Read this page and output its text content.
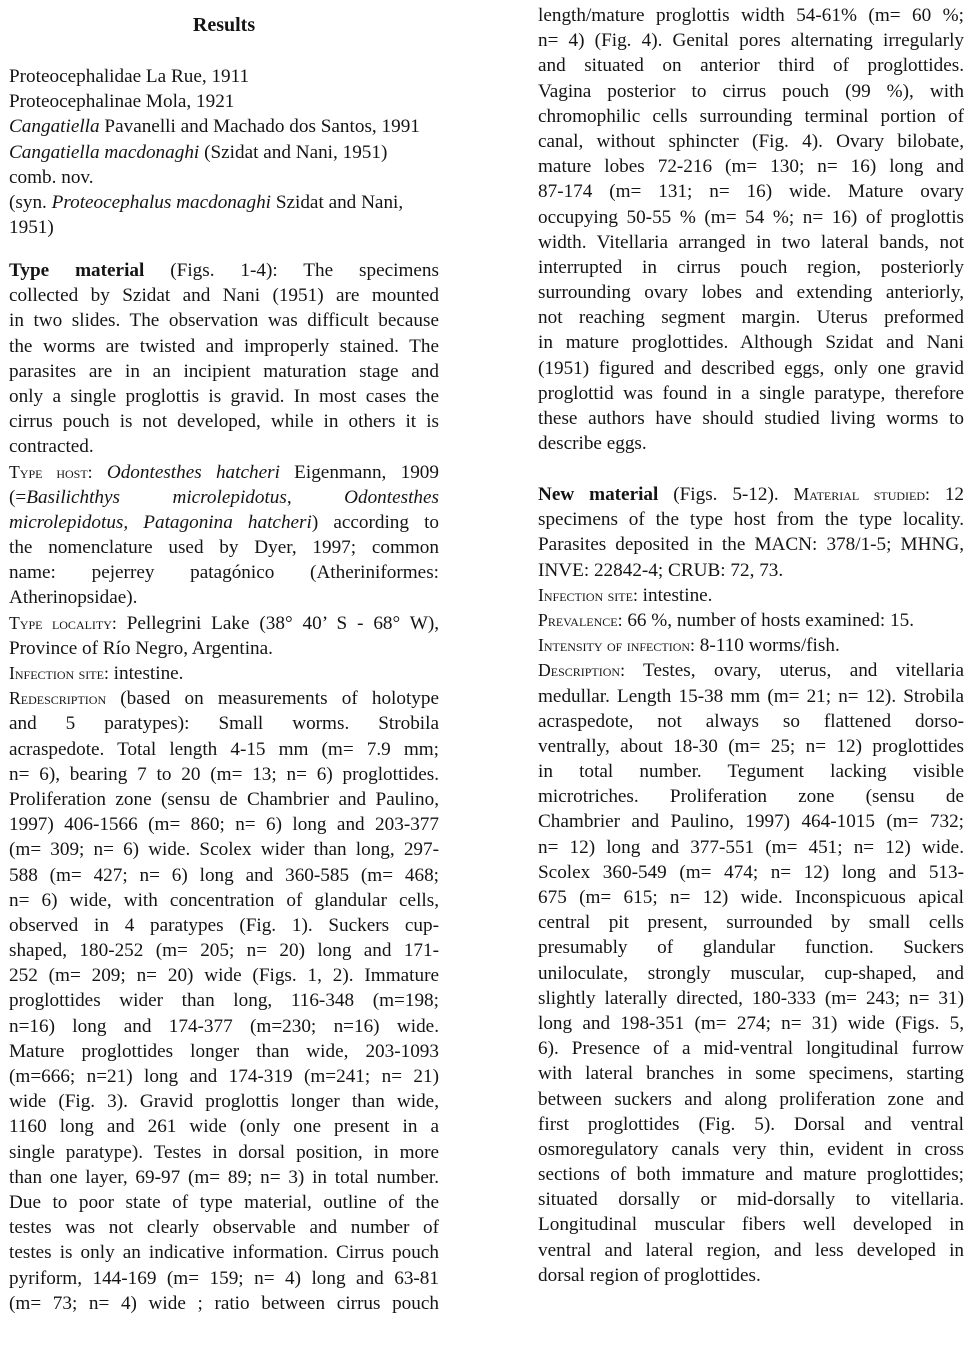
Results
Proteocephalidae La Rue, 1911
Proteocephalinae Mola, 1921
Cangatiella Pavanelli and Machado dos Santos, 1991
Cangatiella macdonaghi (Szidat and Nani, 1951)
comb. nov.
(syn. Proteocephalus macdonaghi Szidat and Nani,
1951)
Type material (Figs. 1-4): The specimens
collected by Szidat and Nani (1951) are mounted
in two slides. The observation was difficult because
the worms are twisted and improperly stained. The
parasites are in an incipient maturation stage and
only a single proglottis is gravid. In most cases the
cirrus pouch is not developed, while in others it is
contracted.
Type host: Odontesthes hatcheri Eigenmann, 1909
(=Basilichthys microlepidotus, Odontesthes
microlepidotus, Patagonina hatcheri) according to
the nomenclature used by Dyer, 1997; common
name: pejerrey patagónico (Atheriniformes:
Atherinopsidae).
Type locality: Pellegrini Lake (38° 40’ S - 68° W),
Province of Río Negro, Argentina.
Infection site: intestine.
Redescription (based on measurements of holotype
and 5 paratypes): Small worms. Strobila
acraspedote. Total length 4-15 mm (m= 7.9 mm;
n= 6), bearing 7 to 20 (m= 13; n= 6) proglottides.
Proliferation zone (sensu de Chambrier and Paulino,
1997) 406-1566 (m= 860; n= 6) long and 203-377
(m= 309; n= 6) wide. Scolex wider than long, 297-
588 (m= 427; n= 6) long and 360-585 (m= 468;
n= 6) wide, with concentration of glandular cells,
observed in 4 paratypes (Fig. 1). Suckers cup-
shaped, 180-252 (m= 205; n= 20) long and 171-
252 (m= 209; n= 20) wide (Figs. 1, 2). Immature
proglottides wider than long, 116-348 (m=198;
n=16) long and 174-377 (m=230; n=16) wide.
Mature proglottides longer than wide, 203-1093
(m=666; n=21) long and 174-319 (m=241; n= 21)
wide (Fig. 3). Gravid proglottis longer than wide,
1160 long and 261 wide (only one present in a
single paratype). Testes in dorsal position, in more
than one layer, 69-97 (m= 89; n= 3) in total number.
Due to poor state of type material, outline of the
testes was not clearly observable and number of
testes is only an indicative information. Cirrus pouch
pyriform, 144-169 (m= 159; n= 4) long and 63-81
(m= 73; n= 4) wide ; ratio between cirrus pouch
length/mature proglottis width 54-61% (m= 60 %;
n= 4) (Fig. 4). Genital pores alternating irregularly
and situated on anterior third of proglottides.
Vagina posterior to cirrus pouch (99 %), with
chromophilic cells surrounding terminal portion of
canal, without sphincter (Fig. 4). Ovary bilobate,
mature lobes 72-216 (m= 130; n= 16) long and
87-174 (m= 131; n= 16) wide. Mature ovary
occupying 50-55 % (m= 54 %; n= 16) of proglottis
width. Vitellaria arranged in two lateral bands, not
interrupted in cirrus pouch region, posteriorly
surrounding ovary lobes and extending anteriorly,
not reaching segment margin. Uterus preformed
in mature proglottides. Although Szidat and Nani
(1951) figured and described eggs, only one gravid
proglottid was found in a single paratype, therefore
these authors have should studied living worms to
describe eggs.
New material (Figs. 5-12). Material studied: 12
specimens of the type host from the type locality.
Parasites deposited in the MACN: 378/1-5; MHNG,
INVE: 22842-4; CRUB: 72, 73.
Infection site: intestine.
Prevalence: 66 %, number of hosts examined: 15.
Intensity of infection: 8-110 worms/fish.
Description: Testes, ovary, uterus, and vitellaria
medullar. Length 15-38 mm (m= 21; n= 12). Strobila
acraspedote, not always so flattened dorso-
ventrally, about 18-30 (m= 25; n= 12) proglottides
in total number. Tegument lacking visible
microtriches. Proliferation zone (sensu de
Chambrier and Paulino, 1997) 464-1015 (m= 732;
n= 12) long and 377-551 (m= 451; n= 12) wide.
Scolex 360-549 (m= 474; n= 12) long and 513-
675 (m= 615; n= 12) wide. Inconspicuous apical
central pit present, surrounded by small cells
presumably of glandular function. Suckers
uniloculate, strongly muscular, cup-shaped, and
slightly laterally directed, 180-333 (m= 243; n= 31)
long and 198-351 (m= 274; n= 31) wide (Figs. 5,
6). Presence of a mid-ventral longitudinal furrow
with lateral branches in some specimens, starting
between suckers and along proliferation zone and
first proglottides (Fig. 5). Dorsal and ventral
osmoregulatory canals very thin, evident in cross
sections of both immature and mature proglottides;
situated dorsally or mid-dorsally to vitellaria.
Longitudinal muscular fibers well developed in
ventral and lateral region, and less developed in
dorsal region of proglottides.
